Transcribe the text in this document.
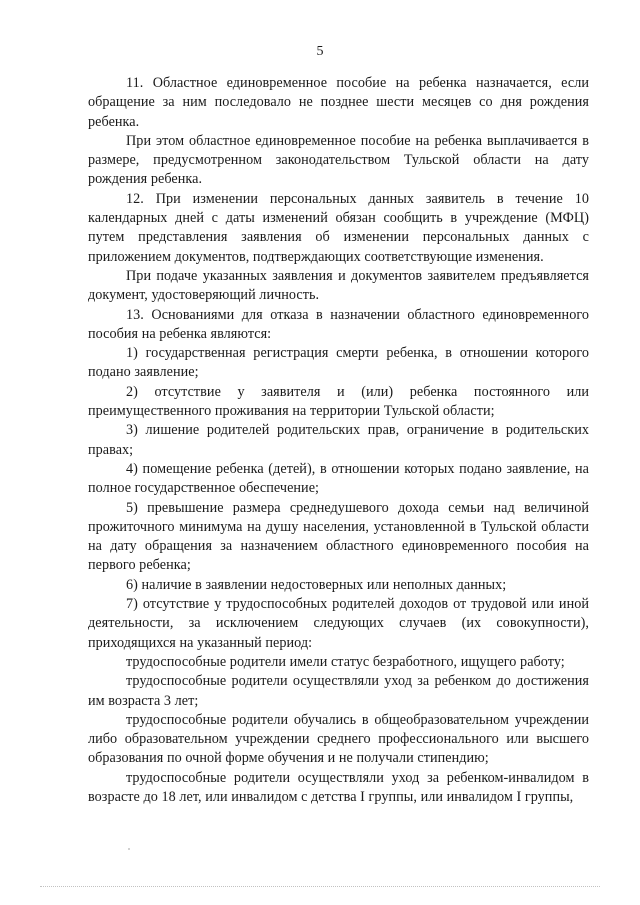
5

11. Областное единовременное пособие на ребенка назначается, если обращение за ним последовало не позднее шести месяцев со дня рождения ребенка.

При этом областное единовременное пособие на ребенка выплачивается в размере, предусмотренном законодательством Тульской области на дату рождения ребенка.

12. При изменении персональных данных заявитель в течение 10 календарных дней с даты изменений обязан сообщить в учреждение (МФЦ) путем представления заявления об изменении персональных данных с приложением документов, подтверждающих соответствующие изменения.

При подаче указанных заявления и документов заявителем предъявляется документ, удостоверяющий личность.

13. Основаниями для отказа в назначении областного единовременного пособия на ребенка являются:

1) государственная регистрация смерти ребенка, в отношении которого подано заявление;

2) отсутствие у заявителя и (или) ребенка постоянного или преимущественного проживания на территории Тульской области;

3) лишение родителей родительских прав, ограничение в родительских правах;

4) помещение ребенка (детей), в отношении которых подано заявление, на полное государственное обеспечение;

5) превышение размера среднедушевого дохода семьи над величиной прожиточного минимума на душу населения, установленной в Тульской области на дату обращения за назначением областного единовременного пособия на первого ребенка;

6) наличие в заявлении недостоверных или неполных данных;

7) отсутствие у трудоспособных родителей доходов от трудовой или иной деятельности, за исключением следующих случаев (их совокупности), приходящихся на указанный период:

трудоспособные родители имели статус безработного, ищущего работу;

трудоспособные родители осуществляли уход за ребенком до достижения им возраста 3 лет;

трудоспособные родители обучались в общеобразовательном учреждении либо образовательном учреждении среднего профессионального или высшего образования по очной форме обучения и не получали стипендию;

трудоспособные родители осуществляли уход за ребенком-инвалидом в возрасте до 18 лет, или инвалидом с детства I группы, или инвалидом I группы,
